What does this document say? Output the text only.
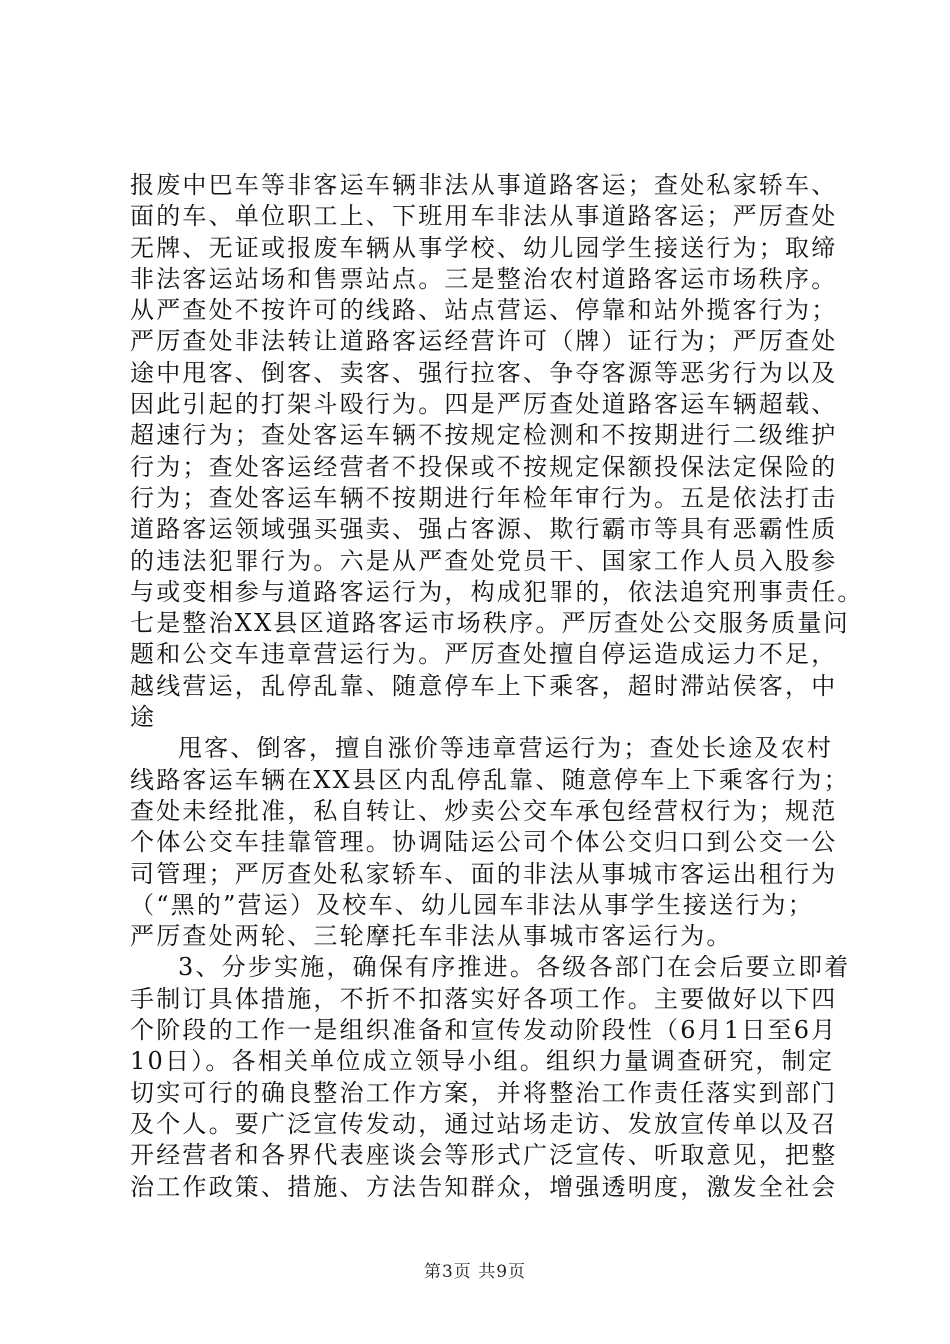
报废中巴车等非客运车辆非法从事道路客运；查处私家轿车、
面的车、单位职工上、下班用车非法从事道路客运；严厉查处
无牌、无证或报废车辆从事学校、幼儿园学生接送行为；取缔
非法客运站场和售票站点。三是整治农村道路客运市场秩序。
从严查处不按许可的线路、站点营运、停靠和站外揽客行为；
严厉查处非法转让道路客运经营许可（牌）证行为；严厉查处
途中甩客、倒客、卖客、强行拉客、争夺客源等恶劣行为以及
因此引起的打架斗殴行为。四是严厉查处道路客运车辆超载、
超速行为；查处客运车辆不按规定检测和不按期进行二级维护
行为；查处客运经营者不投保或不按规定保额投保法定保险的
行为；查处客运车辆不按期进行年检年审行为。五是依法打击
道路客运领域强买强卖、强占客源、欺行霸市等具有恶霸性质
的违法犯罪行为。六是从严查处党员干、国家工作人员入股参
与或变相参与道路客运行为，构成犯罪的，依法追究刑事责任。
七是整治XX县区道路客运市场秩序。严厉查处公交服务质量问
题和公交车违章营运行为。严厉查处擅自停运造成运力不足，
越线营运，乱停乱靠、随意停车上下乘客，超时滞站侯客，中
途
甩客、倒客，擅自涨价等违章营运行为；查处长途及农村
线路客运车辆在XX县区内乱停乱靠、随意停车上下乘客行为；
查处未经批准，私自转让、炒卖公交车承包经营权行为；规范
个体公交车挂靠管理。协调陆运公司个体公交归口到公交一公
司管理；严厉查处私家轿车、面的非法从事城市客运出租行为
（“黑的”营运）及校车、幼儿园车非法从事学生接送行为；
严厉查处两轮、三轮摩托车非法从事城市客运行为。
3、分步实施，确保有序推进。各级各部门在会后要立即着
手制订具体措施，不折不扣落实好各项工作。主要做好以下四
个阶段的工作一是组织准备和宣传发动阶段性（6月1日至6月
10日）。各相关单位成立领导小组。组织力量调查研究，制定
切实可行的确良整治工作方案，并将整治工作责任落实到部门
及个人。要广泛宣传发动，通过站场走访、发放宣传单以及召
开经营者和各界代表座谈会等形式广泛宣传、听取意见，把整
治工作政策、措施、方法告知群众，增强透明度，激发全社会
第3页 共9页
